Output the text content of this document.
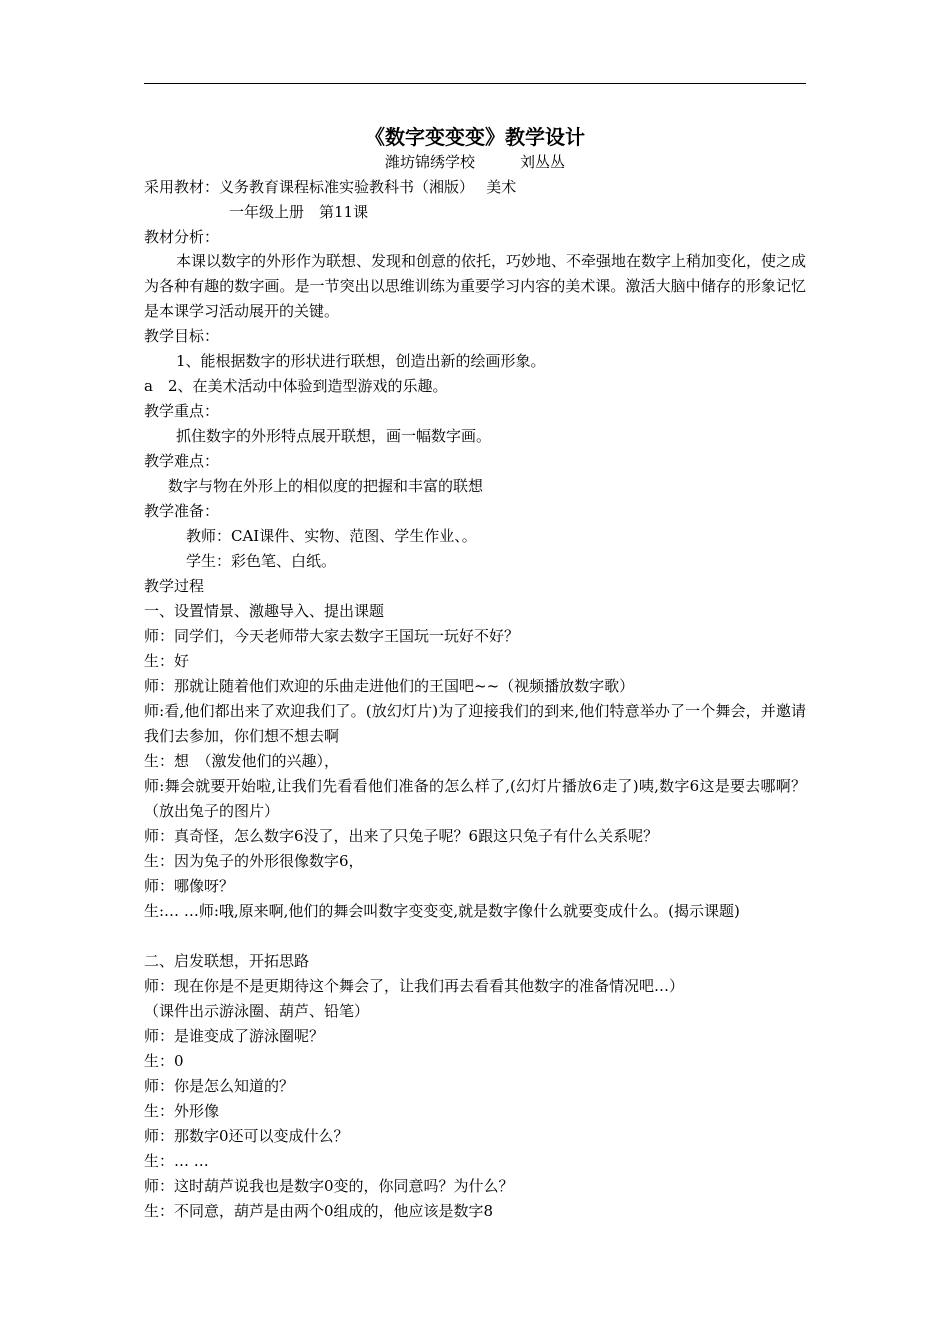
《数字变变变》教学设计
潍坊锦绣学校　　　刘丛丛
采用教材：义务教育课程标准实验教科书（湘版）　 美术
一年级上册　第11课
教材分析：
本课以数字的外形作为联想、发现和创意的依托，巧妙地、不牵强地在数字上稍加变化，使之成为各种有趣的数字画。是一节突出以思维训练为重要学习内容的美术课。激活大脑中储存的形象记忆是本课学习活动展开的关键。
教学目标：
1、能根据数字的形状进行联想，创造出新的绘画形象。
a	2、在美术活动中体验到造型游戏的乐趣。
教学重点：
抓住数字的外形特点展开联想，画一幅数字画。
教学难点：
数字与物在外形上的相似度的把握和丰富的联想
教学准备：
教师：CAI课件、实物、范图、学生作业、。
学生：彩色笔、白纸。
教学过程
一、设置情景、激趣导入、提出课题
师：同学们，今天老师带大家去数字王国玩一玩好不好？
生：好
师：那就让随着他们欢迎的乐曲走进他们的王国吧~~（视频播放数字歌）
师:看,他们都出来了欢迎我们了。(放幻灯片)为了迎接我们的到来,他们特意举办了一个舞会，并邀请我们去参加，你们想不想去啊
生：想　（激发他们的兴趣），
师:舞会就要开始啦,让我们先看看他们准备的怎么样了,(幻灯片播放6走了)咦,数字6这是要去哪啊？（放出兔子的图片）
师：真奇怪，怎么数字6没了，出来了只兔子呢？6跟这只兔子有什么关系呢？
生：因为兔子的外形很像数字6，
师：哪像呀？
生:… …师:哦,原来啊,他们的舞会叫数字变变变,就是数字像什么就要变成什么。(揭示课题)
二、启发联想，开拓思路
师：现在你是不是更期待这个舞会了，让我们再去看看其他数字的准备情况吧…）
（课件出示游泳圈、葫芦、铅笔）
师：是谁变成了游泳圈呢？
生：0
师：你是怎么知道的？
生：外形像
师：那数字0还可以变成什么？
生：… …
师：这时葫芦说我也是数字0变的，你同意吗？为什么？
生：不同意，葫芦是由两个0组成的，他应该是数字8
